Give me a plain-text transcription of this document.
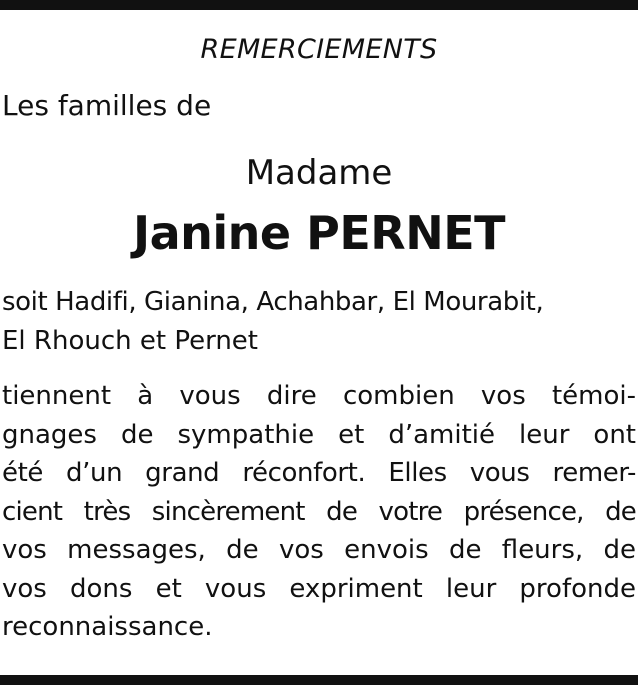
REMERCIEMENTS
Les familles de
Madame
Janine PERNET
soit Hadifi, Gianina, Achahbar, El Mourabit,
El Rhouch et Pernet
tiennent à vous dire combien vos témoi-
gnages de sympathie et d’amitié leur ont
été d’un grand réconfort. Elles vous remer-
cient très sincèrement de votre présence, de
vos messages, de vos envois de fleurs, de
vos dons et vous expriment leur profonde
reconnaissance.
